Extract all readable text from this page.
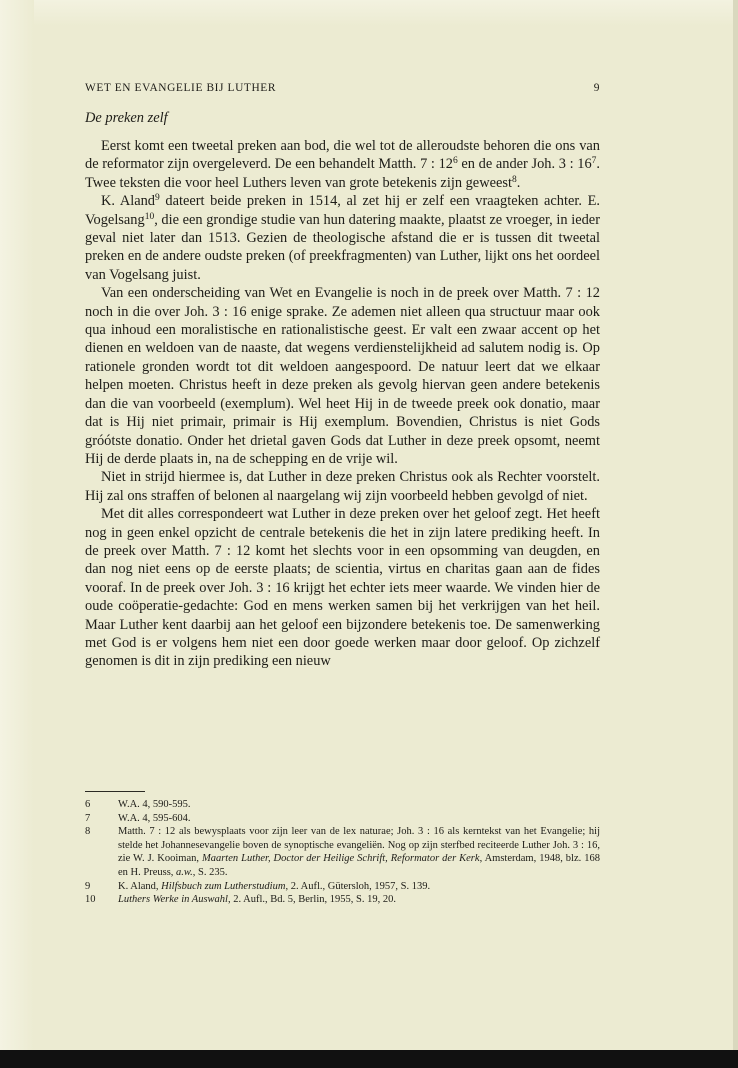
WET EN EVANGELIE BIJ LUTHER	9
De preken zelf

Eerst komt een tweetal preken aan bod, die wel tot de alleroudste behoren die ons van de reformator zijn overgeleverd. De een behandelt Matth. 7 : $12^6$ en de ander Joh. 3 : $16^7$. Twee teksten die voor heel Luthers leven van grote betekenis zijn geweest$^8$.

K. Aland$^9$ dateert beide preken in 1514, al zet hij er zelf een vraagteken achter. E. Vogelsang$^{10}$, die een grondige studie van hun datering maakte, plaatst ze vroeger, in ieder geval niet later dan 1513. Gezien de theologische afstand die er is tussen dit tweetal preken en de andere oudste preken (of preekfragmenten) van Luther, lijkt ons het oordeel van Vogelsang juist.

Van een onderscheiding van Wet en Evangelie is noch in de preek over Matth. 7 : 12 noch in die over Joh. 3 : 16 enige sprake. Ze ademen niet alleen qua structuur maar ook qua inhoud een moralistische en rationalistische geest. Er valt een zwaar accent op het dienen en weldoen van de naaste, dat wegens verdienstelijkheid ad salutem nodig is. Op rationele gronden wordt tot dit weldoen aangespoord. De natuur leert dat we elkaar helpen moeten. Christus heeft in deze preken als gevolg hiervan geen andere betekenis dan die van voorbeeld (exemplum). Wel heet Hij in de tweede preek ook donatio, maar dat is Hij niet primair, primair is Hij exemplum. Bovendien, Christus is niet Gods gróótste donatio. Onder het drietal gaven Gods dat Luther in deze preek opsomt, neemt Hij de derde plaats in, na de schepping en de vrije wil.

Niet in strijd hiermee is, dat Luther in deze preken Christus ook als Rechter voorstelt. Hij zal ons straffen of belonen al naargelang wij zijn voorbeeld hebben gevolgd of niet.

Met dit alles correspondeert wat Luther in deze preken over het geloof zegt. Het heeft nog in geen enkel opzicht de centrale betekenis die het in zijn latere prediking heeft. In de preek over Matth. 7 : 12 komt het slechts voor in een opsomming van deugden, en dan nog niet eens op de eerste plaats; de scientia, virtus en charitas gaan aan de fides vooraf. In de preek over Joh. 3 : 16 krijgt het echter iets meer waarde. We vinden hier de oude coöperatie-gedachte: God en mens werken samen bij het verkrijgen van het heil. Maar Luther kent daarbij aan het geloof een bijzondere betekenis toe. De samenwerking met God is er volgens hem niet een door goede werken maar door geloof. Op zichzelf genomen is dit in zijn prediking een nieuw

6	W.A. 4, 590-595.
7	W.A. 4, 595-604.
8	Matth. 7 : 12 als bewysplaats voor zijn leer van de lex naturae; Joh. 3 : 16 als kerntekst van het Evangelie; hij stelde het Johannesevangelie boven de synoptische evangeliën. Nog op zijn sterfbed reciteerde Luther Joh. 3 : 16, zie W. J. Kooiman, Maarten Luther, Doctor der Heilige Schrift, Reformator der Kerk, Amsterdam, 1948, blz. 168 en H. Preuss, a.w., S. 235.
9	K. Aland, Hilfsbuch zum Lutherstudium, 2. Aufl., Gütersloh, 1957, S. 139.
10 Luthers Werke in Auswahl, 2. Aufl., Bd. 5, Berlin, 1955, S. 19, 20.
